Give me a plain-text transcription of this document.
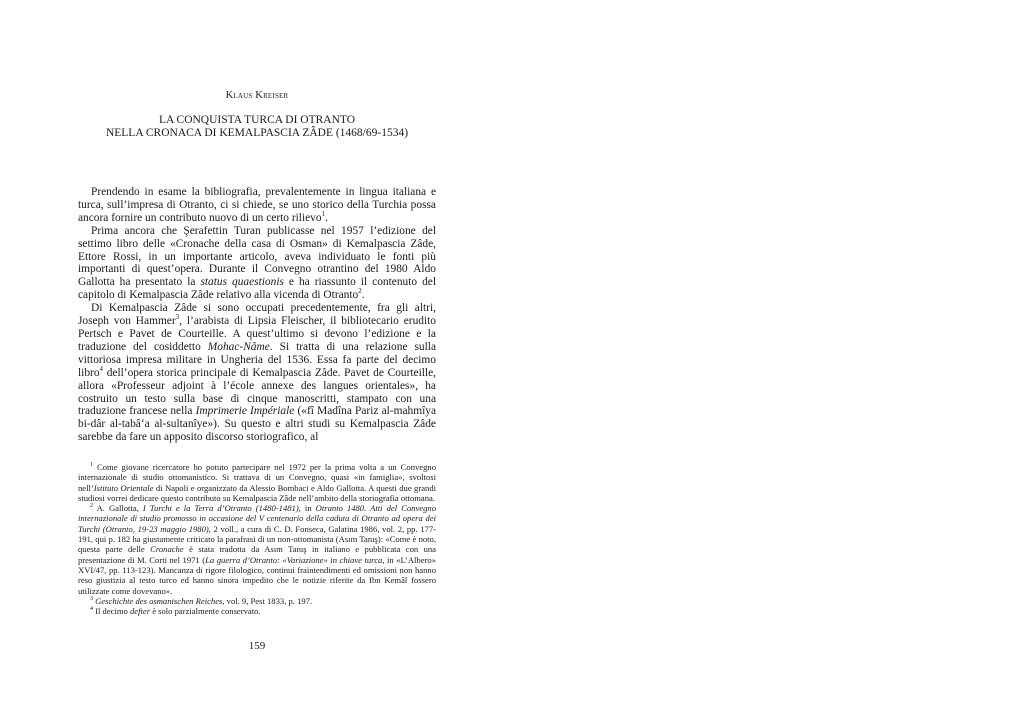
Klaus Kreiser
LA CONQUISTA TURCA DI OTRANTO
NELLA CRONACA DI KEMALPASCIA ZÂDE (1468/69-1534)

Prendendo in esame la bibliografia, prevalentemente in lingua italiana e turca, sull’impresa di Otranto, ci si chiede, se uno storico della Turchia possa ancora fornire un contributo nuovo di un certo rilievo$^1$.

Prima ancora che Şerafettin Turan publicasse nel 1957 l’edizione del settimo libro delle «Cronache della casa di Osman» di Kemalpascia Zâde, Ettore Rossi, in un importante articolo, aveva individuato le fonti più importanti di quest’opera. Durante il Convegno otrantino del 1980 Aldo Gallotta ha presentato la status quaestionis e ha riassunto il contenuto del capitolo di Kemalpascia Zâde relativo alla vicenda di Otranto$^2$.

Di Kemalpascia Zâde si sono occupati precedentemente, fra gli altri, Joseph von Hammer$^3$, l’arabista di Lipsia Fleischer, il bibliotecario erudito Pertsch e Pavet de Courteille. A quest’ultimo si devono l’edizione e la traduzione del cosiddetto Mohac-Nâme. Si tratta di una relazione sulla vittoriosa impresa militare in Ungheria del 1536. Essa fa parte del decimo libro$^4$ dell’opera storica principale di Kemalpascia Zâde. Pavet de Courteille, allora «Professeur adjoint à l’école annexe des langues orientales», ha costruito un testo sulla base di cinque manoscritti, stampato con una traduzione francese nella Imprimerie Impériale («fî Madîna Pariz al-mahmîya bi-dâr al-tabâ‘a al-sultanîye»). Su questo e altri studi su Kemalpascia Zâde sarebbe da fare un apposito discorso storiografico, al

$^1$ Come giovane ricercatore ho potuto partecipare nel 1972 per la prima volta a un Convegno internazionale di studio ottomanistico. Si trattava di un Convegno, quasi «in famiglia», svoltosi nell’Istituto Orientale di Napoli e organizzato da Alessio Bombaci e Aldo Gallotta. A questi due grandi studiosi vorrei dedicare questo contributo su Kemalpascia Zâde nell’ambito della storiografia ottomana.

$^2$ A. Gallotta, I Turchi e la Terra d’Otranto (1480-1481), in Otranto 1480. Atti del Convegno internazionale di studio promosso in occasione del V centenario della caduta di Otranto ad opera dei Turchi (Otranto, 19-23 maggio 1980), 2 voll., a cura di C. D. Fonseca, Galatina 1986, vol. 2, pp. 177-191, qui p. 182 ha giustamente criticato la parafrasi di un non-ottomanista (Asım Tanış): «Come è noto, questa parte delle Cronache è stata tradotta da Asım Tanış in italiano e pubblicata con una presentazione di M. Corti nel 1971 (La guerra d’Otranto: «Variazione» in chiave turca, in «L’Albero» XVI/47, pp. 113-123). Mancanza di rigore filologico, continui fraintendimenti ed omissioni non hanno reso giustizia al testo turco ed hanno sinora impedito che le notizie riferite da Ibn Kemâl fossero utilizzate come dovevano».

$^3$ Geschichte des osmanischen Reiches, vol. 9, Pest 1833, p. 197.

$^4$ Il decimo defter è solo parzialmente conservato.

159
